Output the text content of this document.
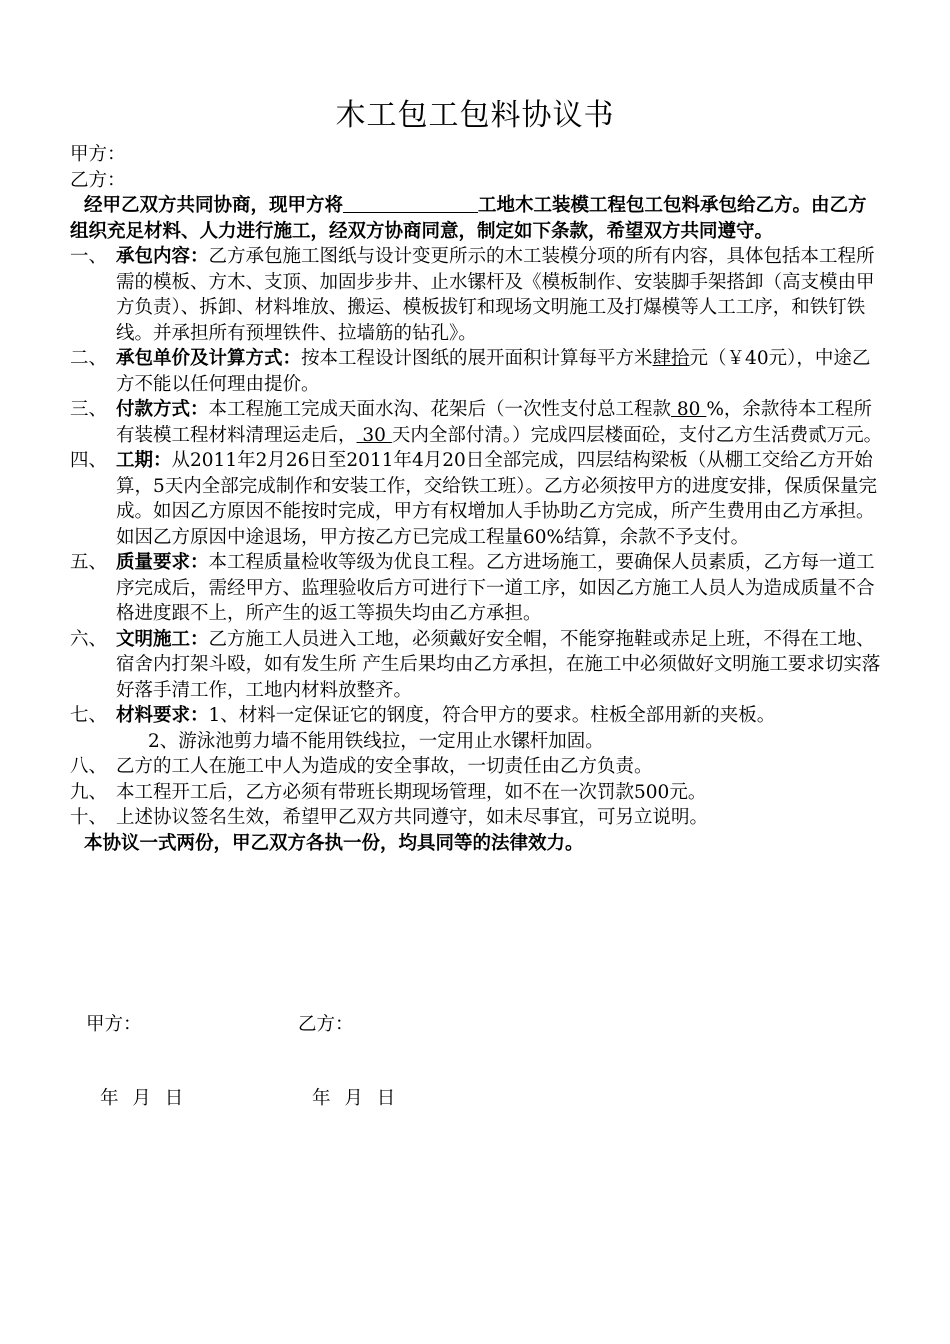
木工包工包料协议书
甲方：
乙方：
经甲乙双方共同协商，现甲方将	工地木工装模工程包工包料承包给乙方。由乙方组织充足材料、人力进行施工，经双方协商同意，制定如下条款，希望双方共同遵守。
一、 承包内容：乙方承包施工图纸与设计变更所示的木工装模分项的所有内容，具体包括本工程所需的模板、方木、支顶、加固步步井、止水镙杆及《模板制作、安装脚手架搭卸（高支模由甲方负责）、拆卸、材料堆放、搬运、模板拔钉和现场文明施工及打爆模等人工工序，和铁钉铁线。并承担所有预埋铁件、拉墙筋的钻孔》。
二、 承包单价及计算方式：按本工程设计图纸的展开面积计算每平方米肆拾元（￥40元），中途乙方不能以任何理由提价。
三、 付款方式：本工程施工完成天面水沟、花架后（一次性支付总工程款 80 %，余款待本工程所有装模工程材料清理运走后， 30 天内全部付清。）完成四层楼面砼，支付乙方生活费贰万元。
四、 工期：从2011年2月26日至2011年4月20日全部完成，四层结构梁板（从棚工交给乙方开始算，5天内全部完成制作和安装工作，交给铁工班）。乙方必须按甲方的进度安排，保质保量完成。如因乙方原因不能按时完成，甲方有权增加人手协助乙方完成，所产生费用由乙方承担。如因乙方原因中途退场，甲方按乙方已完成工程量60%结算，余款不予支付。
五、 质量要求：本工程质量检收等级为优良工程。乙方进场施工，要确保人员素质，乙方每一道工序完成后，需经甲方、监理验收后方可进行下一道工序，如因乙方施工人员人为造成质量不合格进度跟不上，所产生的返工等损失均由乙方承担。
六、 文明施工：乙方施工人员进入工地，必须戴好安全帽，不能穿拖鞋或赤足上班，不得在工地、宿舍内打架斗殴，如有发生所 产生后果均由乙方承担，在施工中必须做好文明施工要求切实落好落手清工作，工地内材料放整齐。
七、 材料要求：1、材料一定保证它的钢度，符合甲方的要求。柱板全部用新的夹板。
2、游泳池剪力墙不能用铁线拉，一定用止水镙杆加固。
八、 乙方的工人在施工中人为造成的安全事故，一切责任由乙方负责。
九、 本工程开工后，乙方必须有带班长期现场管理，如不在一次罚款500元。
十、 上述协议签名生效，希望甲乙双方共同遵守，如未尽事宜，可另立说明。
本协议一式两份，甲乙双方各执一份，均具同等的法律效力。
甲方：	乙方：
年 月 日	年 月 日
